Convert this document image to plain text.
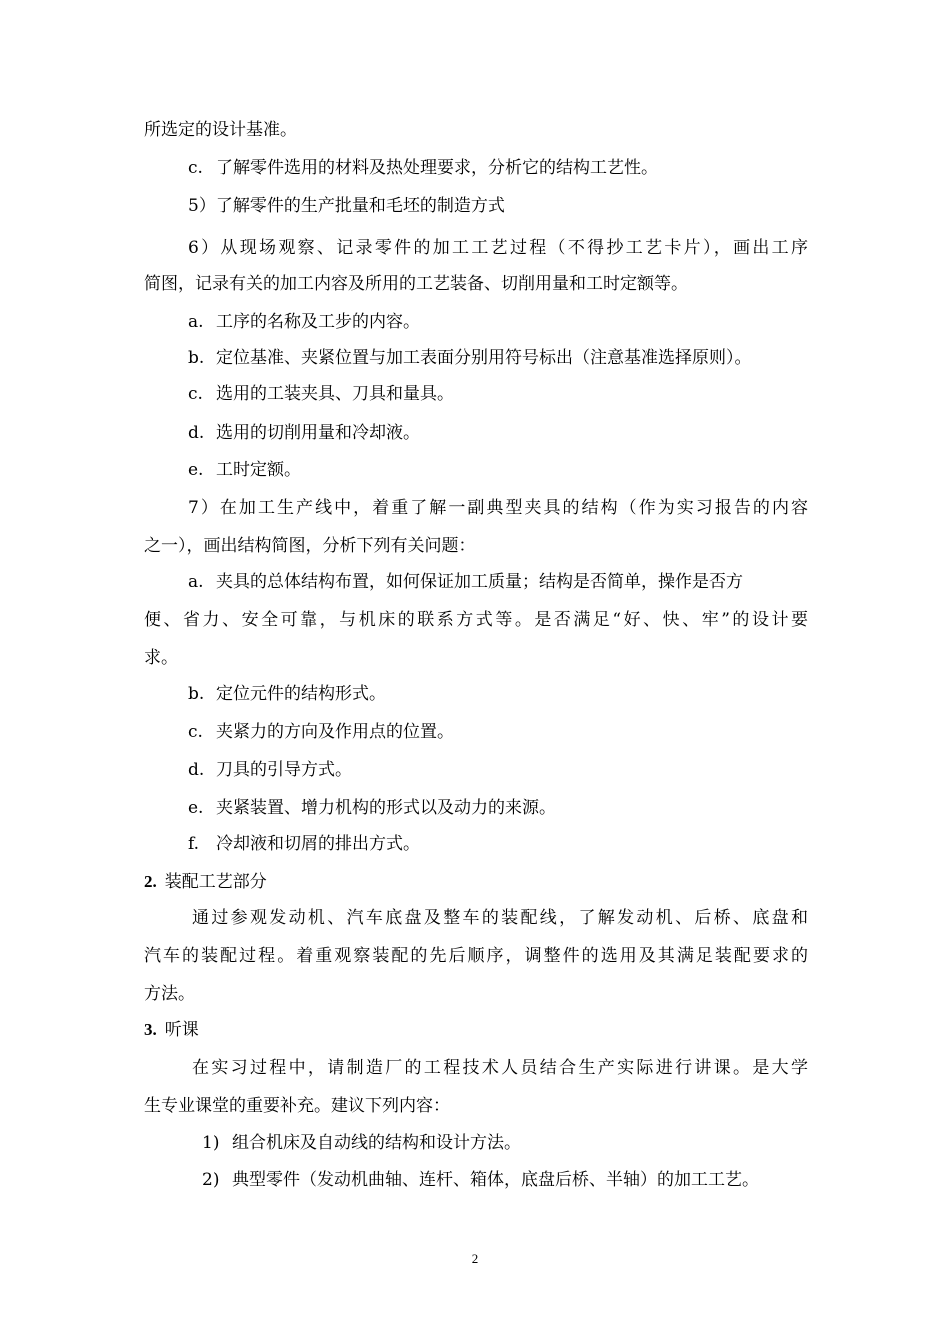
所选定的设计基准。
c. 了解零件选用的材料及热处理要求，分析它的结构工艺性。
5）了解零件的生产批量和毛坯的制造方式
6）从现场观察、记录零件的加工工艺过程（不得抄工艺卡片），画出工序
简图，记录有关的加工内容及所用的工艺装备、切削用量和工时定额等。
a. 工序的名称及工步的内容。
b. 定位基准、夹紧位置与加工表面分别用符号标出（注意基准选择原则）。
c. 选用的工装夹具、刀具和量具。
d. 选用的切削用量和冷却液。
e. 工时定额。
7）在加工生产线中，着重了解一副典型夹具的结构（作为实习报告的内容
之一），画出结构简图，分析下列有关问题：
a. 夹具的总体结构布置，如何保证加工质量；结构是否简单，操作是否方
便、省力、安全可靠，与机床的联系方式等。是否满足“好、快、牢”的设计要
求。
b. 定位元件的结构形式。
c. 夹紧力的方向及作用点的位置。
d. 刀具的引导方式。
e. 夹紧装置、增力机构的形式以及动力的来源。
f. 冷却液和切屑的排出方式。
2. 装配工艺部分
通过参观发动机、汽车底盘及整车的装配线，了解发动机、后桥、底盘和
汽车的装配过程。着重观察装配的先后顺序，调整件的选用及其满足装配要求的
方法。
3. 听课
在实习过程中，请制造厂的工程技术人员结合生产实际进行讲课。是大学
生专业课堂的重要补充。建议下列内容：
1) 组合机床及自动线的结构和设计方法。
2) 典型零件（发动机曲轴、连杆、箱体，底盘后桥、半轴）的加工工艺。
2
